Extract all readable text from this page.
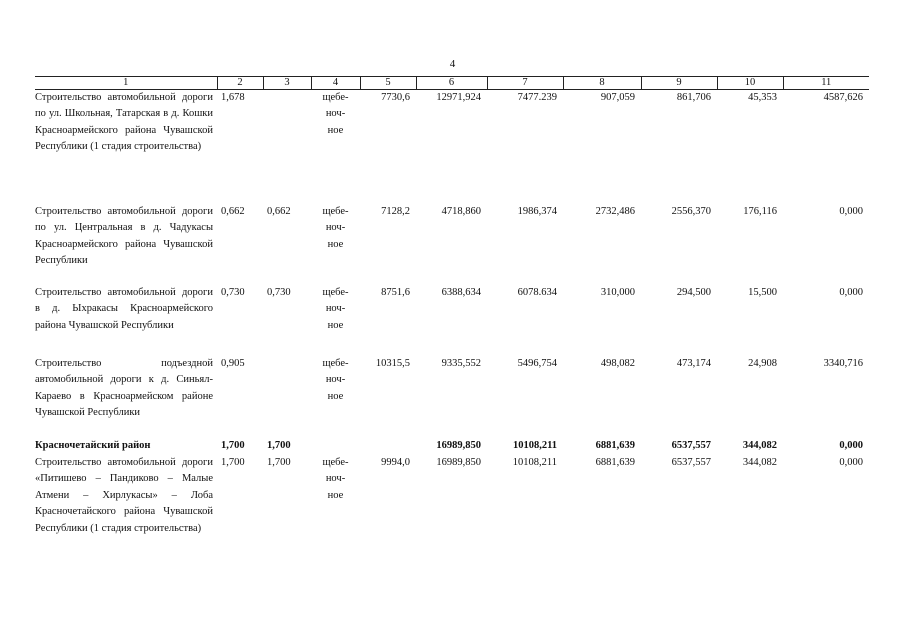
4
1	2	3	4	5	6	7	8	9	10	11
Строительство автомобильной дороги по ул. Школьная, Татарская в д. Кошки Красноармейского района Чувашской Республики (1 стадия строительства)	1,678		щебе-
ноч-
ное	7730,6	12971,924	7477.239	907,059	861,706	45,353	4587,626
Строительство автомобильной дороги по ул. Центральная в д. Чадукасы Красноармейского района Чувашской Республики	0,662	0,662	щебе-
ноч-
ное	7128,2	4718,860	1986,374	2732,486	2556,370	176,116	0,000
Строительство автомобильной дороги в д. Ыхракасы Красноармейского района Чувашской Республики	0,730	0,730	щебе-
ноч-
ное	8751,6	6388,634	6078.634	310,000	294,500	15,500	0,000
Строительство подъездной автомобильной дороги к д. Синьял-Караево в Красноармейском районе Чувашской Республики	0,905		щебе-
ноч-
ное	10315,5	9335,552	5496,754	498,082	473,174	24,908	3340,716
Красночетайский район	1,700	1,700			16989,850	10108,211	6881,639	6537,557	344,082	0,000
Строительство автомобильной дороги «Питишево – Пандиково – Малые Атмени – Хирлукасы» – Лоба Красночетайского района Чувашской Республики (1 стадия строительства)	1,700	1,700	щебе-
ноч-
ное	9994,0	16989,850	10108,211	6881,639	6537,557	344,082	0,000
